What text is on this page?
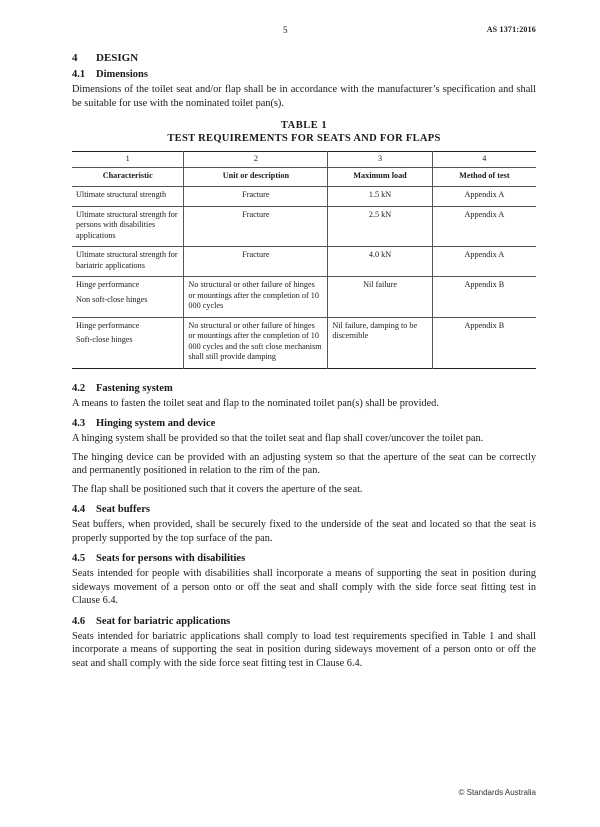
5	AS 1371:2016
4 DESIGN
4.1 Dimensions

Dimensions of the toilet seat and/or flap shall be in accordance with the manufacturer’s specification and shall be suitable for use with the nominated toilet pan(s).

TABLE 1
TEST REQUIREMENTS FOR SEATS AND FOR FLAPS
1	2	3	4
Characteristic	Unit or description	Maximum load	Method of test

Ultimate structural strength	Fracture	1.5 kN	Appendix A

Ultimate structural strength for persons with disabilities applications	Fracture	2.5 kN	Appendix A

Ultimate structural strength for bariatric applications	Fracture	4.0 kN	Appendix A

Hinge performance
Non soft-close hinges	No structural or other failure of hinges or mountings after the completion of 10 000 cycles	Nil failure	Appendix B

Hinge performance
Soft-close hinges	No structural or other failure of hinges or mountings after the completion of 10 000 cycles and the soft close mechanism shall still provide damping	Nil failure, damping to be discernible	Appendix B
4.2 Fastening system

A means to fasten the toilet seat and flap to the nominated toilet pan(s) shall be provided.

4.3 Hinging system and device

A hinging system shall be provided so that the toilet seat and flap shall cover/uncover the toilet pan.

The hinging device can be provided with an adjusting system so that the aperture of the seat can be correctly and permanently positioned in relation to the rim of the pan.

The flap shall be positioned such that it covers the aperture of the seat.

4.4 Seat buffers

Seat buffers, when provided, shall be securely fixed to the underside of the seat and located so that the seat is properly supported by the top surface of the pan.

4.5 Seats for persons with disabilities

Seats intended for people with disabilities shall incorporate a means of supporting the seat in position during sideways movement of a person onto or off the seat and shall comply with the side force seat fitting test in Clause 6.4.

4.6 Seat for bariatric applications

Seats intended for bariatric applications shall comply to load test requirements specified in Table 1 and shall incorporate a means of supporting the seat in position during sideways movement of a person onto or off the seat and shall comply with the side force seat fitting test in Clause 6.4.

© Standards Australia
